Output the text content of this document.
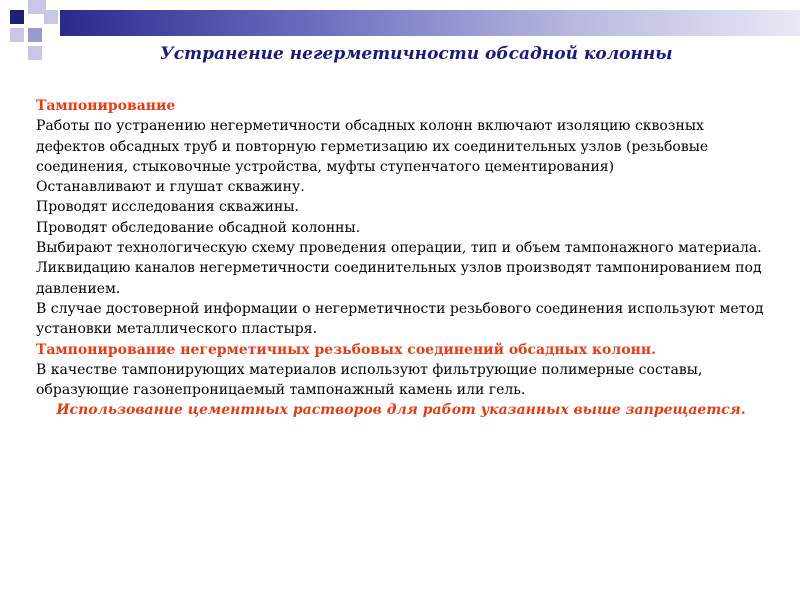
Устранение негерметичности обсадной колонны

Тампонирование

Работы по устранению негерметичности обсадных колонн включают изоляцию сквозных дефектов обсадных труб и повторную герметизацию их соединительных узлов (резьбовые соединения, стыковочные устройства, муфты ступенчатого цементирования)

Останавливают и глушат скважину.

Проводят исследования скважины.

Проводят обследование обсадной колонны.

Выбирают технологическую схему проведения операции, тип и объем тампонажного материала.

Ликвидацию каналов негерметичности соединительных узлов производят тампонированием под давлением.

В случае достоверной информации о негерметичности резьбового соединения используют метод установки металлического пластыря.

Тампонирование негерметичных резьбовых соединений обсадных колонн.

В качестве тампонирующих материалов используют фильтрующие полимерные составы, образующие газонепроницаемый тампонажный камень или гель.

Использование цементных растворов для работ указанных выше запрещается.
